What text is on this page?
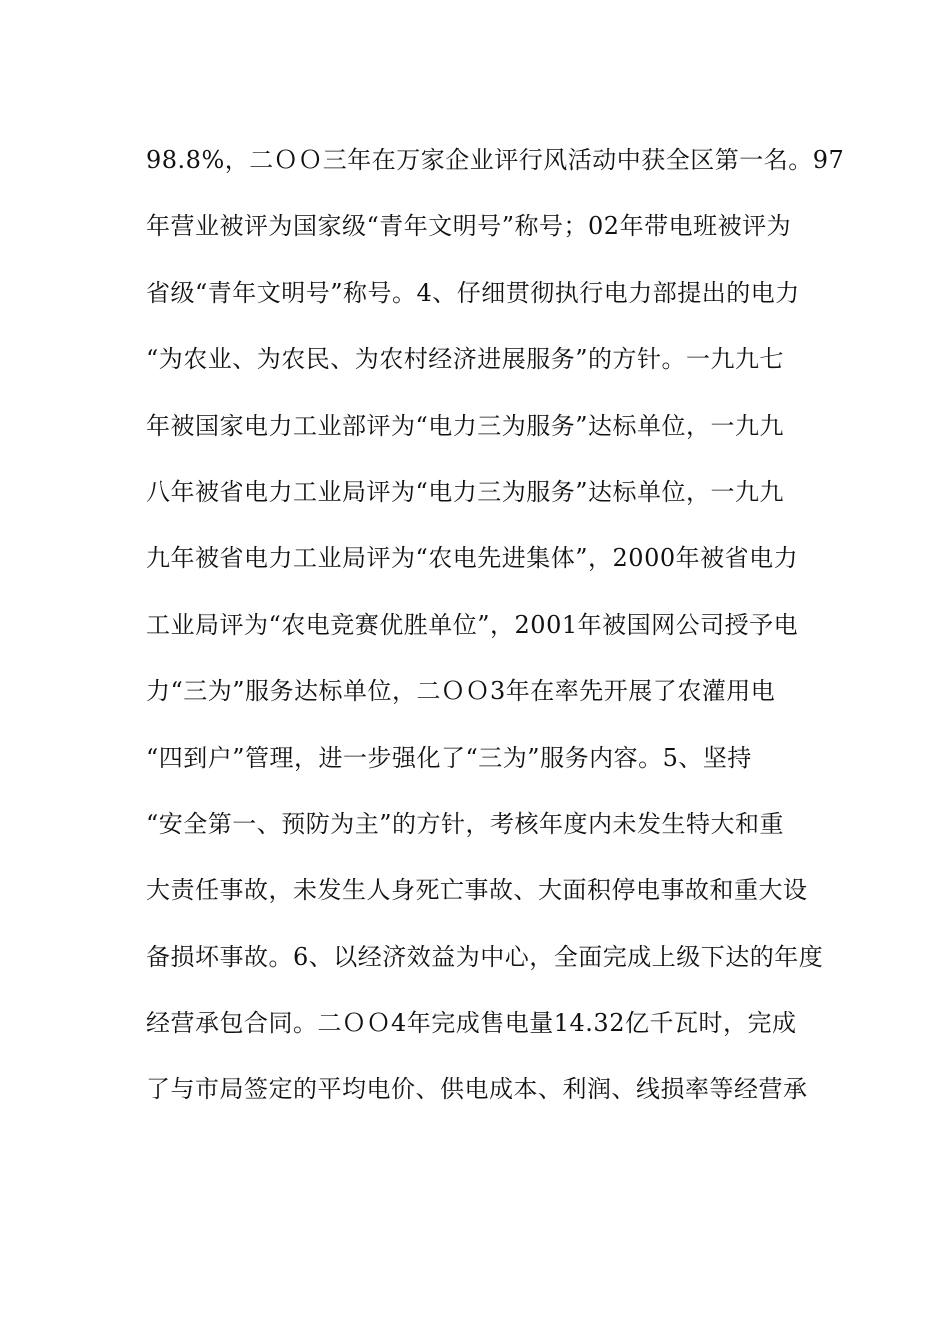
98.8%，二ＯＯ三年在万家企业评行风活动中获全区第一名。97
年营业被评为国家级“青年文明号”称号；02年带电班被评为
省级“青年文明号”称号。4、仔细贯彻执行电力部提出的电力
“为农业、为农民、为农村经济进展服务”的方针。一九九七
年被国家电力工业部评为“电力三为服务”达标单位，一九九
八年被省电力工业局评为“电力三为服务”达标单位，一九九
九年被省电力工业局评为“农电先进集体”，2000年被省电力
工业局评为“农电竞赛优胜单位”，2001年被国网公司授予电
力“三为”服务达标单位，二ＯＯ3年在率先开展了农灌用电
“四到户”管理，进一步强化了“三为”服务内容。5、坚持
“安全第一、预防为主”的方针，考核年度内未发生特大和重
大责任事故，未发生人身死亡事故、大面积停电事故和重大设
备损坏事故。6、以经济效益为中心，全面完成上级下达的年度
经营承包合同。二ＯＯ4年完成售电量14.32亿千瓦时，完成
了与市局签定的平均电价、供电成本、利润、线损率等经营承
